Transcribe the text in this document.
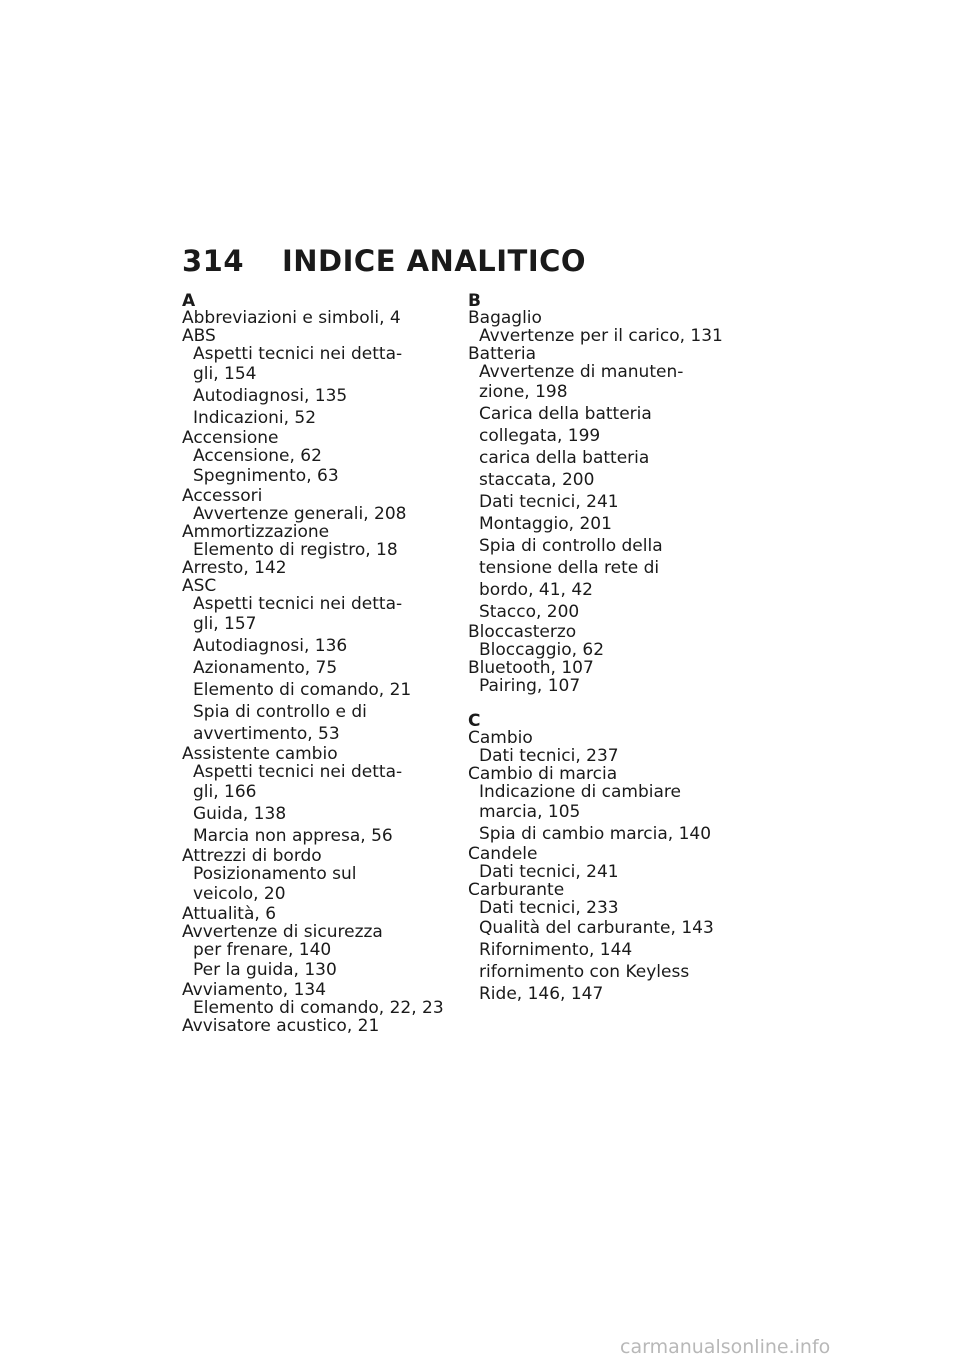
314 INDICE ANALITICO
A
Abbreviazioni e simboli, 4
ABS
Aspetti tecnici nei detta-
gli, 154
Autodiagnosi, 135
Indicazioni, 52
Accensione
Accensione, 62
Spegnimento, 63
Accessori
Avvertenze generali, 208
Ammortizzazione
Elemento di registro, 18
Arresto, 142
ASC
Aspetti tecnici nei detta-
gli, 157
Autodiagnosi, 136
Azionamento, 75
Elemento di comando, 21
Spia di controllo e di
avvertimento, 53
Assistente cambio
Aspetti tecnici nei detta-
gli, 166
Guida, 138
Marcia non appresa, 56
Attrezzi di bordo
Posizionamento sul
veicolo, 20
Attualità, 6
Avvertenze di sicurezza
per frenare, 140
Per la guida, 130
Avviamento, 134
Elemento di comando, 22, 23
Avvisatore acustico, 21
B
Bagaglio
Avvertenze per il carico, 131
Batteria
Avvertenze di manuten-
zione, 198
Carica della batteria
collegata, 199
carica della batteria
staccata, 200
Dati tecnici, 241
Montaggio, 201
Spia di controllo della
tensione della rete di
bordo, 41, 42
Stacco, 200
Bloccasterzo
Bloccaggio, 62
Bluetooth, 107
Pairing, 107
C
Cambio
Dati tecnici, 237
Cambio di marcia
Indicazione di cambiare
marcia, 105
Spia di cambio marcia, 140
Candele
Dati tecnici, 241
Carburante
Dati tecnici, 233
Qualità del carburante, 143
Rifornimento, 144
rifornimento con Keyless
Ride, 146, 147
carmanualsonline.info
